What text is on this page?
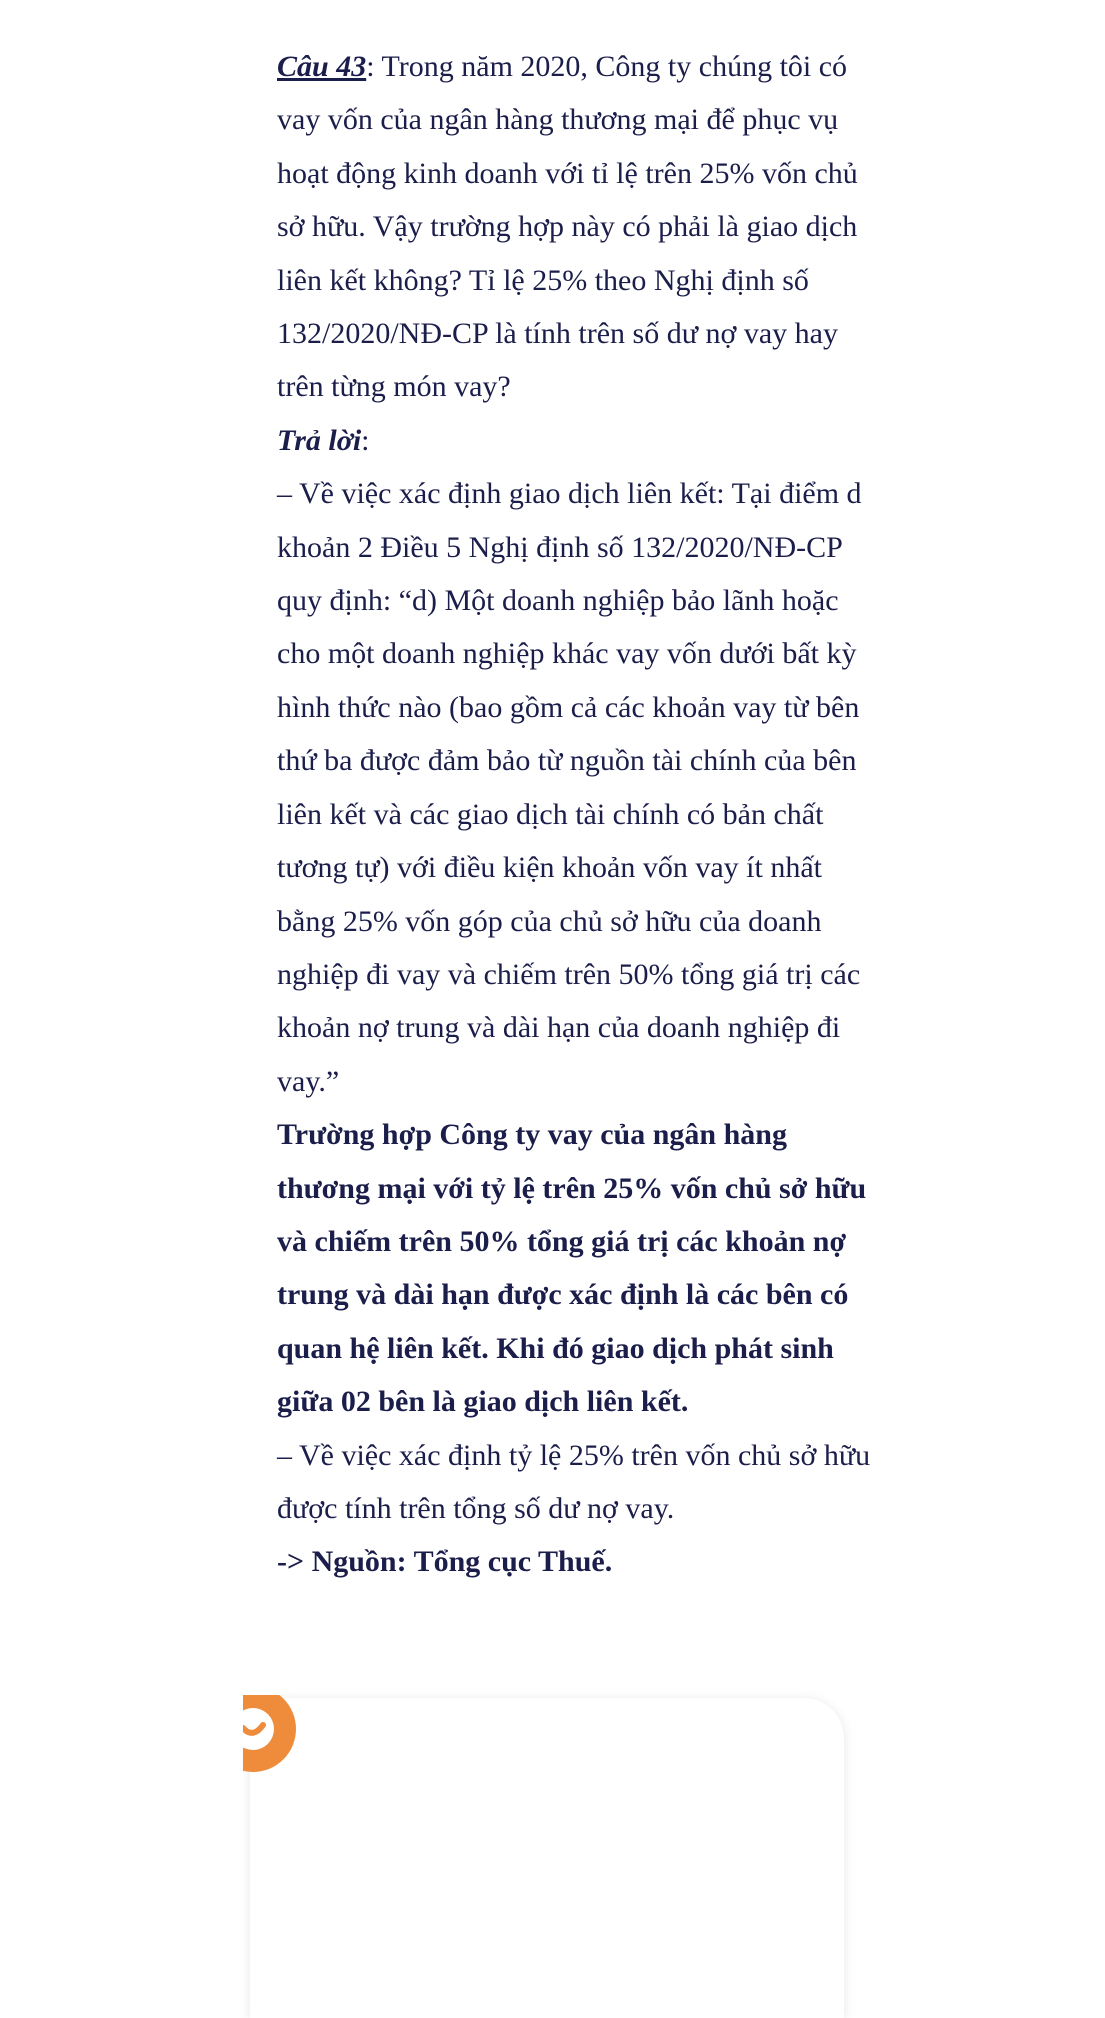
Câu 43: Trong năm 2020, Công ty chúng tôi có vay vốn của ngân hàng thương mại để phục vụ hoạt động kinh doanh với tỉ lệ trên 25% vốn chủ sở hữu. Vậy trường hợp này có phải là giao dịch liên kết không? Tỉ lệ 25% theo Nghị định số 132/2020/NĐ-CP là tính trên số dư nợ vay hay trên từng món vay?

Trả lời:

– Về việc xác định giao dịch liên kết: Tại điểm d khoản 2 Điều 5 Nghị định số 132/2020/NĐ-CP quy định: “d) Một doanh nghiệp bảo lãnh hoặc cho một doanh nghiệp khác vay vốn dưới bất kỳ hình thức nào (bao gồm cả các khoản vay từ bên thứ ba được đảm bảo từ nguồn tài chính của bên liên kết và các giao dịch tài chính có bản chất tương tự) với điều kiện khoản vốn vay ít nhất bằng 25% vốn góp của chủ sở hữu của doanh nghiệp đi vay và chiếm trên 50% tổng giá trị các khoản nợ trung và dài hạn của doanh nghiệp đi vay.”

Trường hợp Công ty vay của ngân hàng thương mại với tỷ lệ trên 25% vốn chủ sở hữu và chiếm trên 50% tổng giá trị các khoản nợ trung và dài hạn được xác định là các bên có quan hệ liên kết. Khi đó giao dịch phát sinh giữa 02 bên là giao dịch liên kết.

– Về việc xác định tỷ lệ 25% trên vốn chủ sở hữu được tính trên tổng số dư nợ vay.

-> Nguồn: Tổng cục Thuế.
